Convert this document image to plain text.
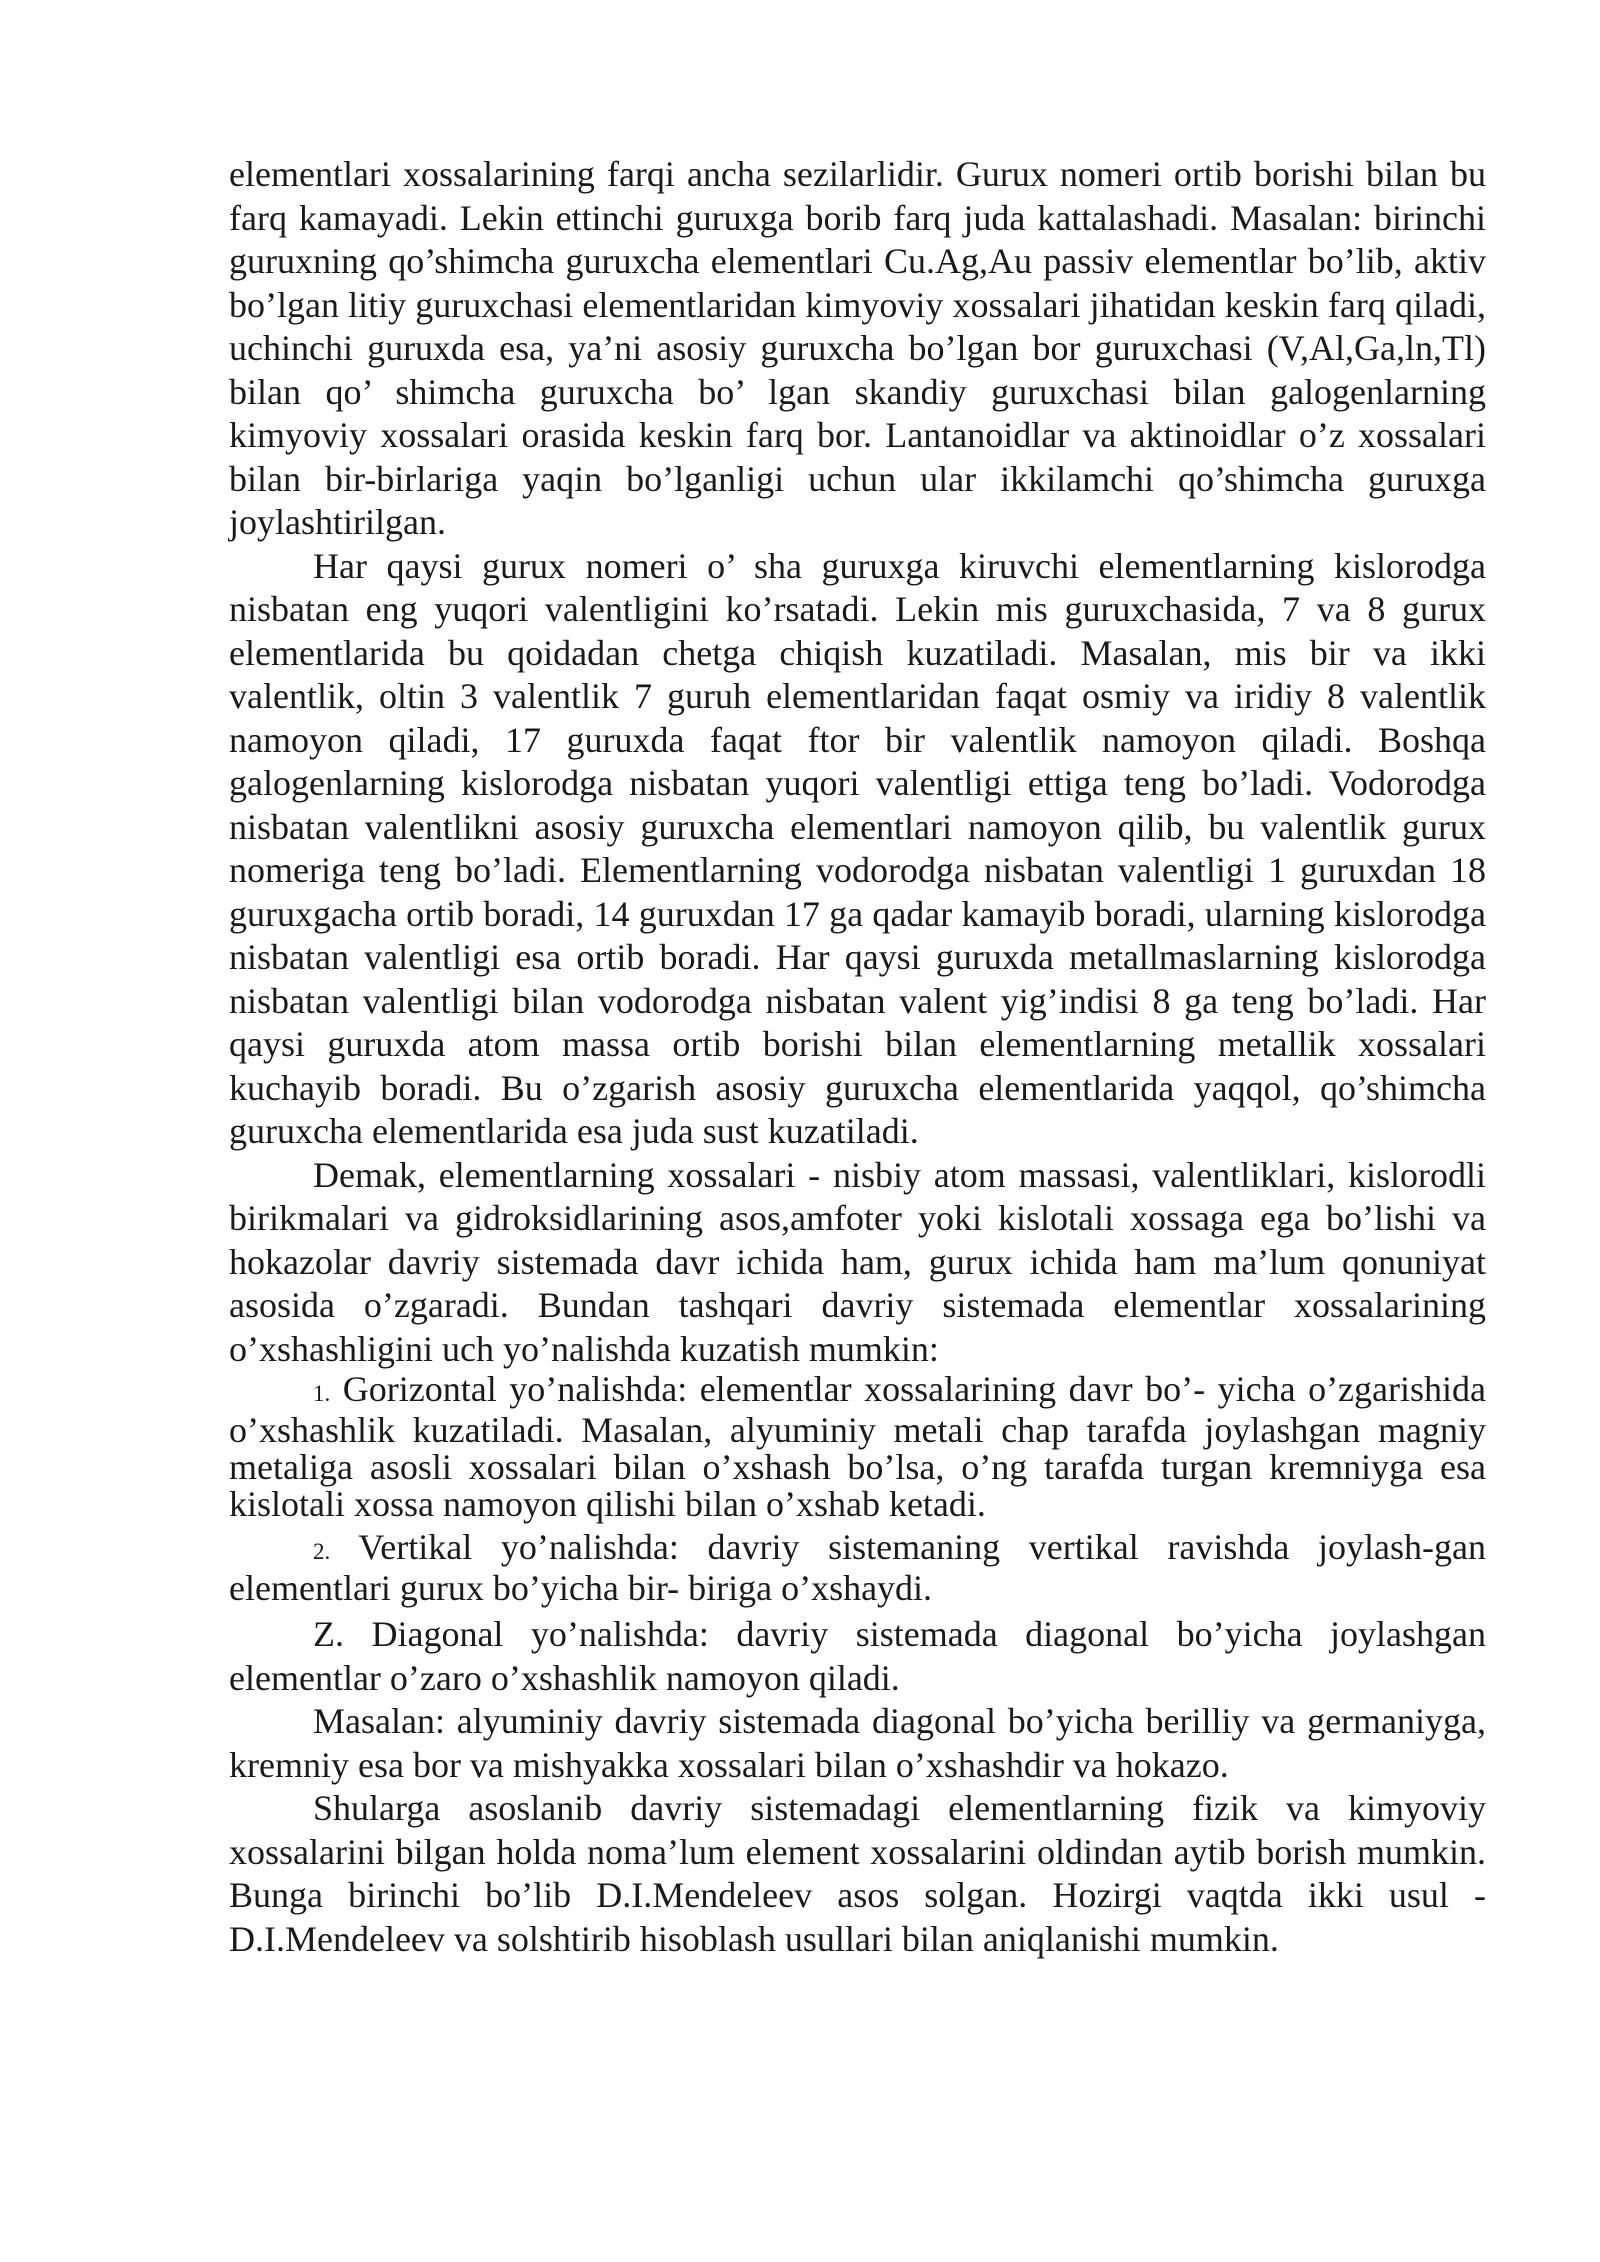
elementlari xossalarining farqi ancha sezilarlidir. Gurux nomeri ortib borishi bilan bu farq kamayadi. Lekin ettinchi guruxga borib farq juda kattalashadi. Masalan: birinchi guruxning qo’shimcha guruxcha elementlari Cu.Ag,Au passiv elementlar bo’lib, aktiv bo’lgan litiy guruxchasi elementlaridan kimyoviy xossalari jihatidan keskin farq qiladi, uchinchi guruxda esa, ya’ni asosiy guruxcha bo’lgan bor guruxchasi (V,Al,Ga,ln,Tl) bilan qo’ shimcha guruxcha bo’ lgan skandiy guruxchasi bilan galogenlarning kimyoviy xossalari orasida keskin farq bor. Lantanoidlar va aktinoidlar o’z xossalari bilan bir-birlariga yaqin bo’lganligi uchun ular ikkilamchi qo’shimcha guruxga joylashtirilgan.

Har qaysi gurux nomeri o’ sha guruxga kiruvchi elementlarning kislorodga nisbatan eng yuqori valentligini ko’rsatadi. Lekin mis guruxchasida, 7 va 8 gurux elementlarida bu qoidadan chetga chiqish kuzatiladi. Masalan, mis bir va ikki valentlik, oltin 3 valentlik 7 guruh elementlaridan faqat osmiy va iridiy 8 valentlik namoyon qiladi, 17 guruxda faqat ftor bir valentlik namoyon qiladi. Boshqa galogenlarning kislorodga nisbatan yuqori valentligi ettiga teng bo’ladi. Vodorodga nisbatan valentlikni asosiy guruxcha elementlari namoyon qilib, bu valentlik gurux nomeriga teng bo’ladi. Elementlarning vodorodga nisbatan valentligi 1 guruxdan 18 guruxgacha ortib boradi, 14 guruxdan 17 ga qadar kamayib boradi, ularning kislorodga nisbatan valentligi esa ortib boradi. Har qaysi guruxda metallmaslarning kislorodga nisbatan valentligi bilan vodorodga nisbatan valent yig’indisi 8 ga teng bo’ladi. Har qaysi guruxda atom massa ortib borishi bilan elementlarning metallik xossalari kuchayib boradi. Bu o’zgarish asosiy guruxcha elementlarida yaqqol, qo’shimcha guruxcha elementlarida esa juda sust kuzatiladi.

Demak, elementlarning xossalari - nisbiy atom massasi, valentliklari, kislorodli birikmalari va gidroksidlarining asos,amfoter yoki kislotali xossaga ega bo’lishi va hokazolar davriy sistemada davr ichida ham, gurux ichida ham ma’lum qonuniyat asosida o’zgaradi. Bundan tashqari davriy sistemada elementlar xossalarining o’xshashligini uch yo’nalishda kuzatish mumkin:

1. Gorizontal yo’nalishda: elementlar xossalarining davr bo’- yicha o’zgarishida o’xshashlik kuzatiladi. Masalan, alyuminiy metali chap tarafda joylashgan magniy metaliga asosli xossalari bilan o’xshash bo’lsa, o’ng tarafda turgan kremniyga esa kislotali xossa namoyon qilishi bilan o’xshab ketadi.

2. Vertikal yo’nalishda: davriy sistemaning vertikal ravishda joylash-gan elementlari gurux bo’yicha bir- biriga o’xshaydi.

Z. Diagonal yo’nalishda: davriy sistemada diagonal bo’yicha joylashgan elementlar o’zaro o’xshashlik namoyon qiladi.

Masalan: alyuminiy davriy sistemada diagonal bo’yicha berilliy va germaniyga, kremniy esa bor va mishyakka xossalari bilan o’xshashdir va hokazo.

Shularga asoslanib davriy sistemadagi elementlarning fizik va kimyoviy xossalarini bilgan holda noma’lum element xossalarini oldindan aytib borish mumkin. Bunga birinchi bo’lib D.I.Mendeleev asos solgan. Hozirgi vaqtda ikki usul - D.I.Mendeleev va solshtirib hisoblash usullari bilan aniqlanishi mumkin.
